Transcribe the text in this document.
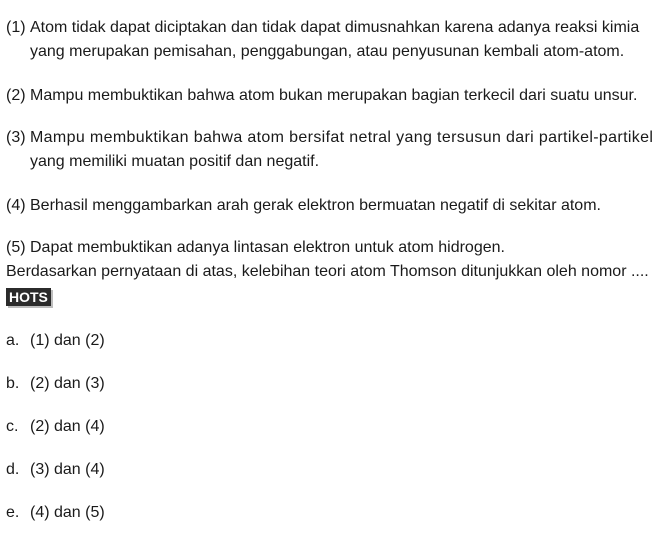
(1) Atom tidak dapat diciptakan dan tidak dapat dimusnahkan karena adanya reaksi kimia
yang merupakan pemisahan, penggabungan, atau penyusunan kembali atom-atom.
(2) Mampu membuktikan bahwa atom bukan merupakan bagian terkecil dari suatu unsur.
(3) Mampu membuktikan bahwa atom bersifat netral yang tersusun dari partikel-partikel
yang memiliki muatan positif dan negatif.
(4) Berhasil menggambarkan arah gerak elektron bermuatan negatif di sekitar atom.
(5) Dapat membuktikan adanya lintasan elektron untuk atom hidrogen.
Berdasarkan pernyataan di atas, kelebihan teori atom Thomson ditunjukkan oleh nomor ....
HOTS
a. (1) dan (2)
b. (2) dan (3)
c. (2) dan (4)
d. (3) dan (4)
e. (4) dan (5)
